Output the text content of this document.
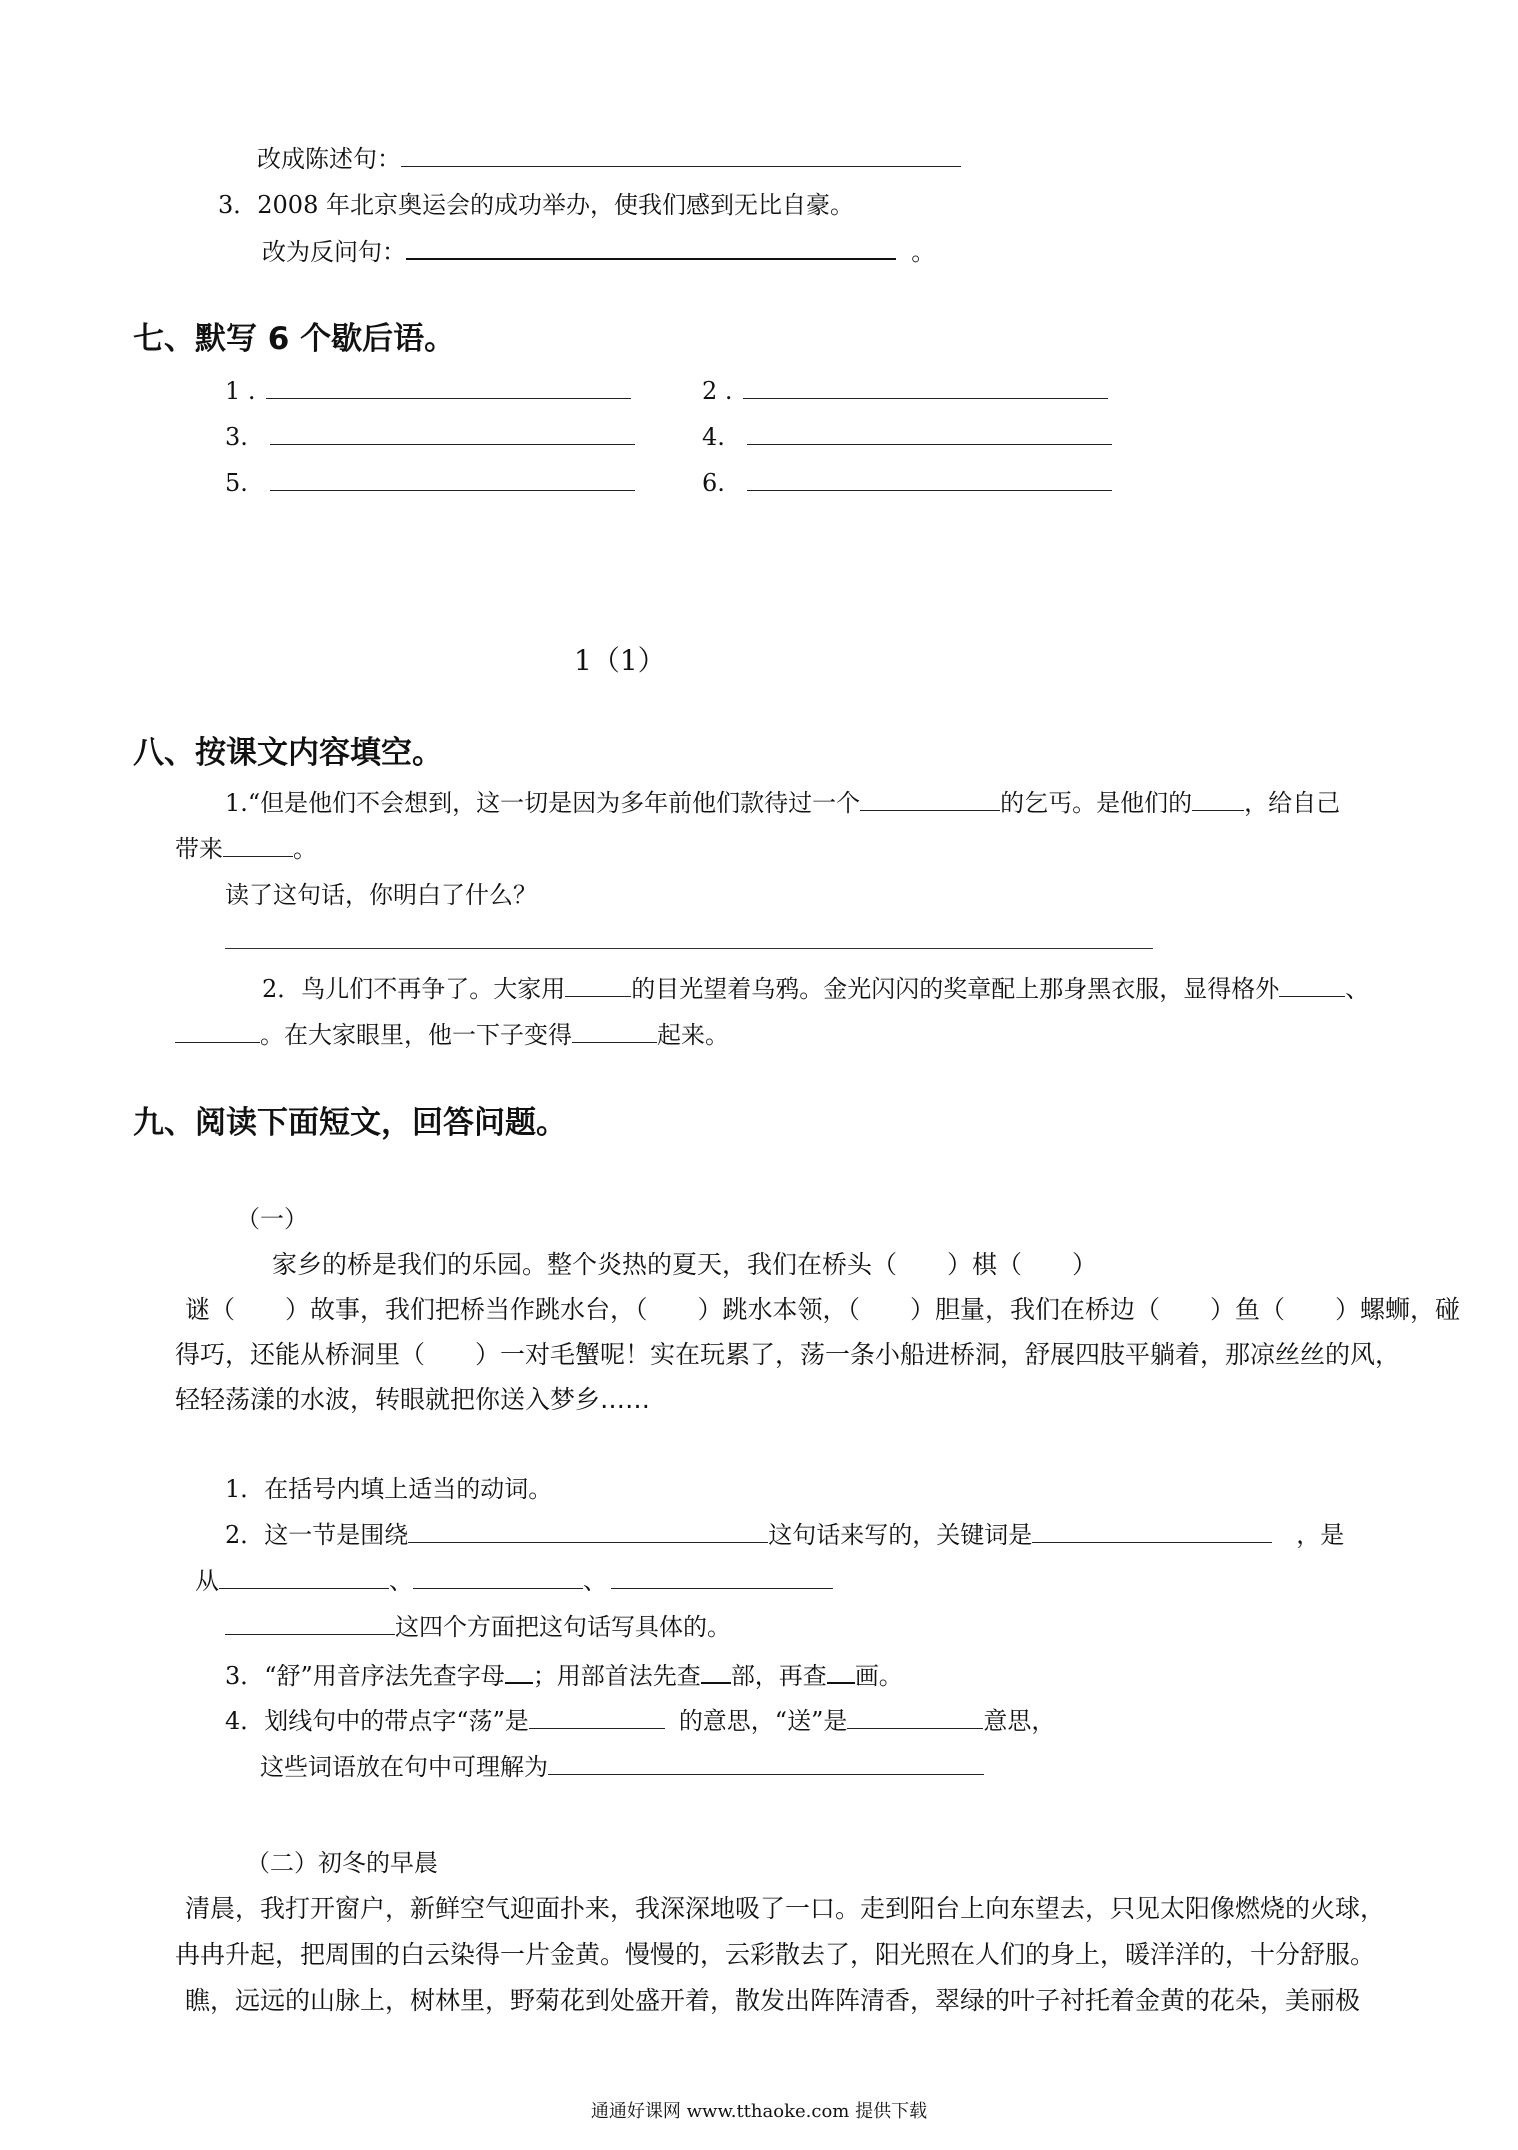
改成陈述句：
3．2008 年北京奥运会的成功举办，使我们感到无比自豪。
改为反问句：	。
七、默写 6 个歇后语。
1 .	2 .
3.	4.
5.	6.
1（1）
八、按课文内容填空。
1.“但是他们不会想到，这一切是因为多年前他们款待过一个	的乞丐。是他们的 ，给自己
带来	。
读了这句话，你明白了什么？
2．鸟儿们不再争了。大家用	的目光望着乌鸦。金光闪闪的奖章配上那身黑衣服，显得格外	、
。在大家眼里，他一下子变得	起来。
九、阅读下面短文，回答问题。
（一）
家乡的桥是我们的乐园。整个炎热的夏天，我们在桥头（　　）棋（　　）
谜（　　）故事，我们把桥当作跳水台，（　　）跳水本领，（　　）胆量，我们在桥边（　　）鱼（　　）螺蛳，碰
得巧，还能从桥洞里（　　）一对毛蟹呢！实在玩累了，荡一条小船进桥洞，舒展四肢平躺着，那凉丝丝的风，
轻轻荡漾的水波，转眼就把你送入梦乡……
1．在括号内填上适当的动词。
2．这一节是围绕	这句话来写的，关键词是	，是
从	、	、
这四个方面把这句话写具体的。
3．“舒”用音序法先查字母 ；用部首法先查 部，再查 画。
4．划线句中的带点字“荡”是	的意思，“送”是	意思，
这些词语放在句中可理解为
（二）初冬的早晨
清晨，我打开窗户，新鲜空气迎面扑来，我深深地吸了一口。走到阳台上向东望去，只见太阳像燃烧的火球，
冉冉升起，把周围的白云染得一片金黄。慢慢的，云彩散去了，阳光照在人们的身上，暖洋洋的，十分舒服。
瞧，远远的山脉上，树林里，野菊花到处盛开着，散发出阵阵清香，翠绿的叶子衬托着金黄的花朵，美丽极
通通好课网 www.tthaoke.com 提供下载
